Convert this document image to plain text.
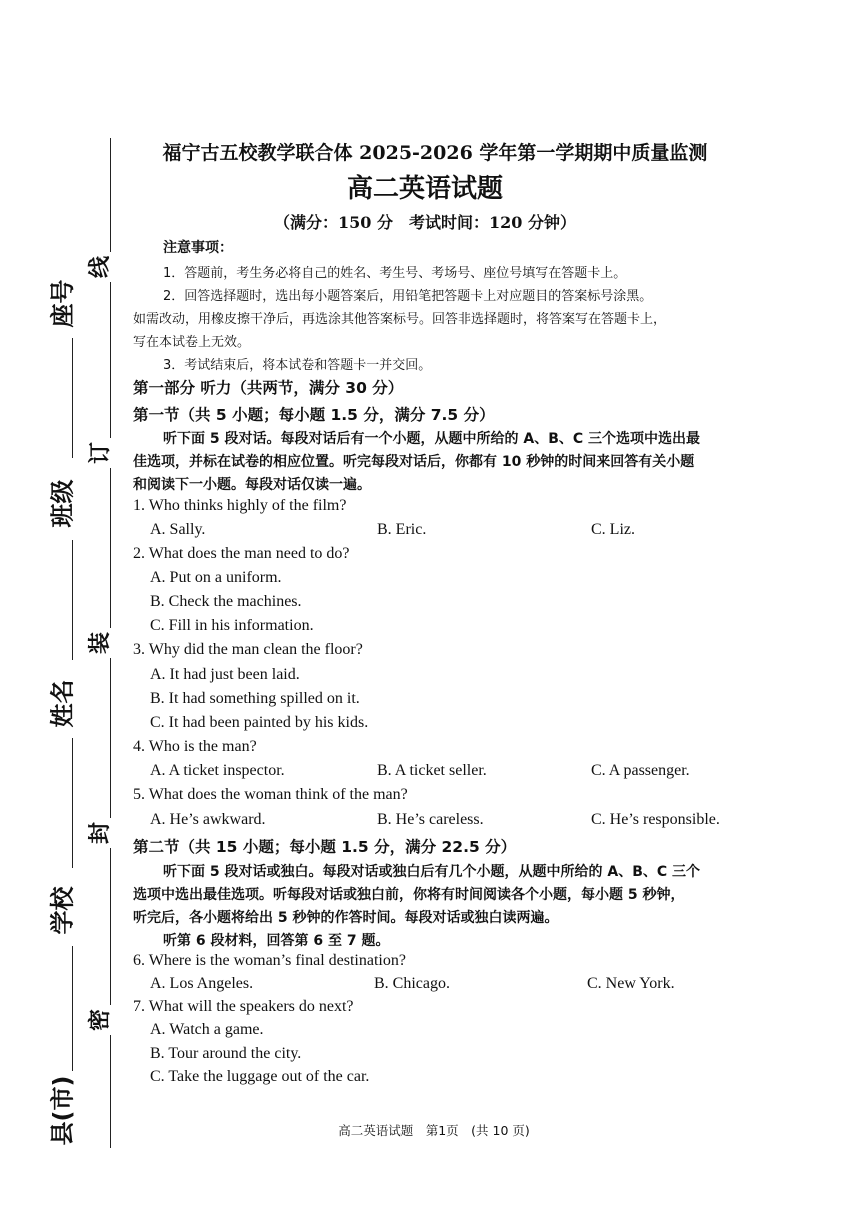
座号
班级
姓名
学校
县(市)
线
订
装
封
密
福宁古五校教学联合体 2025-2026 学年第一学期期中质量监测
高二英语试题
（满分：150 分　考试时间：120 分钟）
注意事项：
1．答题前，考生务必将自己的姓名、考生号、考场号、座位号填写在答题卡上。
2．回答选择题时，选出每小题答案后，用铅笔把答题卡上对应题目的答案标号涂黑。
如需改动，用橡皮擦干净后，再选涂其他答案标号。回答非选择题时，将答案写在答题卡上，
写在本试卷上无效。
3．考试结束后，将本试卷和答题卡一并交回。
第一部分 听力（共两节，满分 30 分）
第一节（共 5 小题；每小题 1.5 分，满分 7.5 分）
听下面 5 段对话。每段对话后有一个小题，从题中所给的 A、B、C 三个选项中选出最
佳选项，并标在试卷的相应位置。听完每段对话后，你都有 10 秒钟的时间来回答有关小题
和阅读下一小题。每段对话仅读一遍。
1. Who thinks highly of the film?
A. Sally.	B. Eric.	C. Liz.
2. What does the man need to do?
A. Put on a uniform.
B. Check the machines.
C. Fill in his information.
3. Why did the man clean the floor?
A. It had just been laid.
B. It had something spilled on it.
C. It had been painted by his kids.
4. Who is the man?
A. A ticket inspector.	B. A ticket seller.	C. A passenger.
5. What does the woman think of the man?
A. He’s awkward.	B. He’s careless.	C. He’s responsible.
第二节（共 15 小题；每小题 1.5 分，满分 22.5 分）
听下面 5 段对话或独白。每段对话或独白后有几个小题，从题中所给的 A、B、C 三个
选项中选出最佳选项。听每段对话或独白前，你将有时间阅读各个小题，每小题 5 秒钟，
听完后，各小题将给出 5 秒钟的作答时间。每段对话或独白读两遍。
听第 6 段材料，回答第 6 至 7 题。
6. Where is the woman’s final destination?
A. Los Angeles.	B. Chicago.	C. New York.
7. What will the speakers do next?
A. Watch a game.
B. Tour around the city.
C. Take the luggage out of the car.
高二英语试题　第1页　(共 10 页)
